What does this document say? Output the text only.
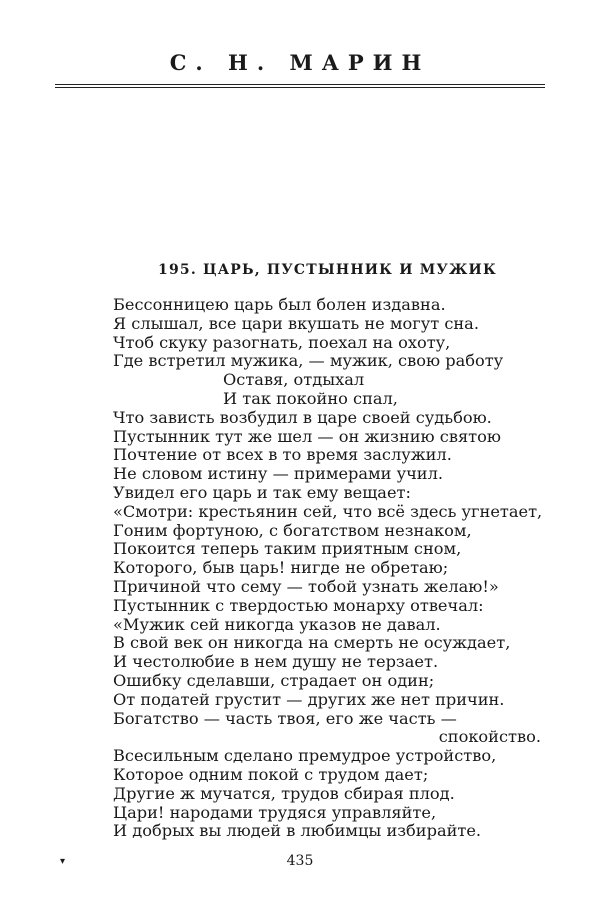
С. Н. МАРИН
195. ЦАРЬ, ПУСТЫННИК И МУЖИК
Бессонницею царь был болен издавна.
Я слышал, все цари вкушать не могут сна.
Чтоб скуку разогнать, поехал на охоту,
Где встретил мужика, — мужик, свою работу
Оставя, отдыхал
И так покойно спал,
Что зависть возбудил в царе своей судьбою.
Пустынник тут же шел — он жизнию святою
Почтение от всех в то время заслужил.
Не словом истину — примерами учил.
Увидел его царь и так ему вещает:
«Смотри: крестьянин сей, что всё здесь угнетает,
Гоним фортуною, с богатством незнаком,
Покоится теперь таким приятным сном,
Которого, быв царь! нигде не обретаю;
Причиной что сему — тобой узнать желаю!»
Пустынник с твердостью монарху отвечал:
«Мужик сей никогда указов не давал.
В свой век он никогда на смерть не осуждает,
И честолюбие в нем душу не терзает.
Ошибку сделавши, страдает он один;
От податей грустит — других же нет причин.
Богатство — часть твоя, его же часть —
спокойство.
Всесильным сделано премудрое устройство,
Которое одним покой с трудом дает;
Другие ж мучатся, трудов сбирая плод.
Цари! народами трудяся управляйте,
И добрых вы людей в любимцы избирайте.
▾	435
